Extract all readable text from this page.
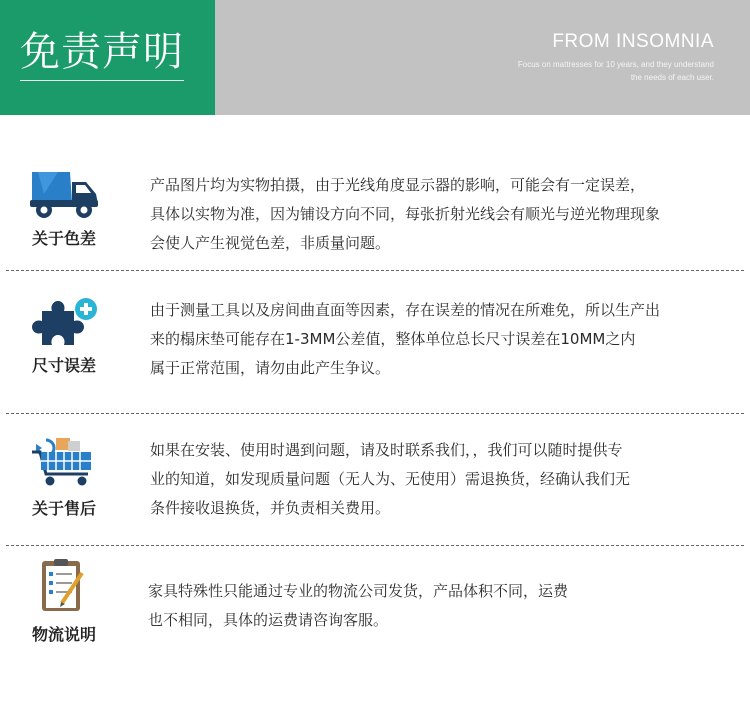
免责声明	FROM INSOMNIA
Focus on mattresses for 10 years, and they understand
the needs of each user.
关于色差

产品图片均为实物拍摄，由于光线角度显示器的影响，可能会有一定误差，

具体以实物为准，因为铺设方向不同，每张折射光线会有顺光与逆光物理现象

会使人产生视觉色差，非质量问题。

尺寸误差

由于测量工具以及房间曲直面等因素，存在误差的情况在所难免，所以生产出

来的榻床垫可能存在1-3MM公差值，整体单位总长尺寸误差在10MM之内

属于正常范围，请勿由此产生争议。

关于售后

如果在安装、使用时遇到问题，请及时联系我们，，我们可以随时提供专

业的知道，如发现质量问题（无人为、无使用）需退换货，经确认我们无

条件接收退换货，并负责相关费用。

物流说明

家具特殊性只能通过专业的物流公司发货，产品体积不同，运费

也不相同，具体的运费请咨询客服。
